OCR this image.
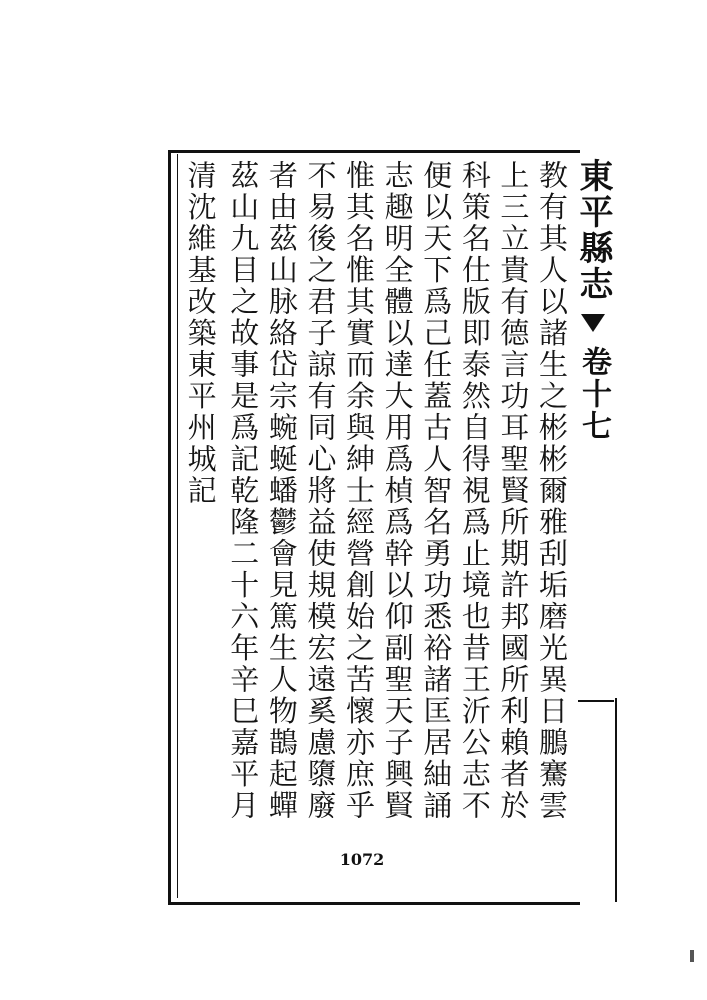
東平縣志
卷十七
教有其人以諸生之彬彬爾雅刮垢磨光異日鵬騫雲
上三立貴有德言功耳聖賢所期許邦國所利賴者於
科策名仕版即泰然自得視爲止境也昔王沂公志不
便以天下爲己任蓋古人智名勇功悉裕諸匡居紬誦
志趣明全體以達大用爲楨爲幹以仰副聖天子興賢
惟其名惟其實而余與紳士經營創始之苦懷亦庶乎
不易後之君子諒有同心將益使規模宏遠奚慮隳廢
者由茲山脉絡岱宗蜿蜒蟠鬱會見篤生人物鵲起蟬
茲山九目之故事是爲記乾隆二十六年辛巳嘉平月
清沈維基改築東平州城記
1072
